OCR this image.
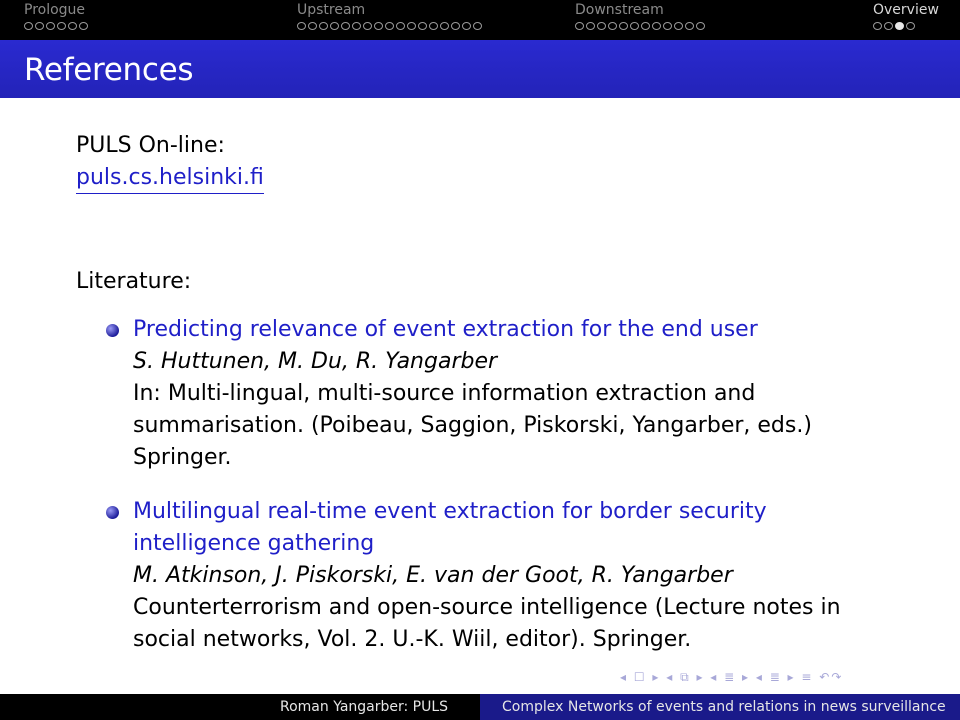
Prologue	Upstream	Downstream	Overview
References
PULS On-line:
puls.cs.helsinki.fi
Literature:
Predicting relevance of event extraction for the end user
S. Huttunen, M. Du, R. Yangarber
In: Multi-lingual, multi-source information extraction and
summarisation. (Poibeau, Saggion, Piskorski, Yangarber, eds.)
Springer.
Multilingual real-time event extraction for border security
intelligence gathering
M. Atkinson, J. Piskorski, E. van der Goot, R. Yangarber
Counterterrorism and open-source intelligence (Lecture notes in
social networks, Vol. 2. U.-K. Wiil, editor). Springer.
◂ ☐ ▸ ◂ ⧉ ▸ ◂ ≣ ▸ ◂ ≣ ▸ ≡ ↶↷
Roman Yangarber: PULS	Complex Networks of events and relations in news surveillance
